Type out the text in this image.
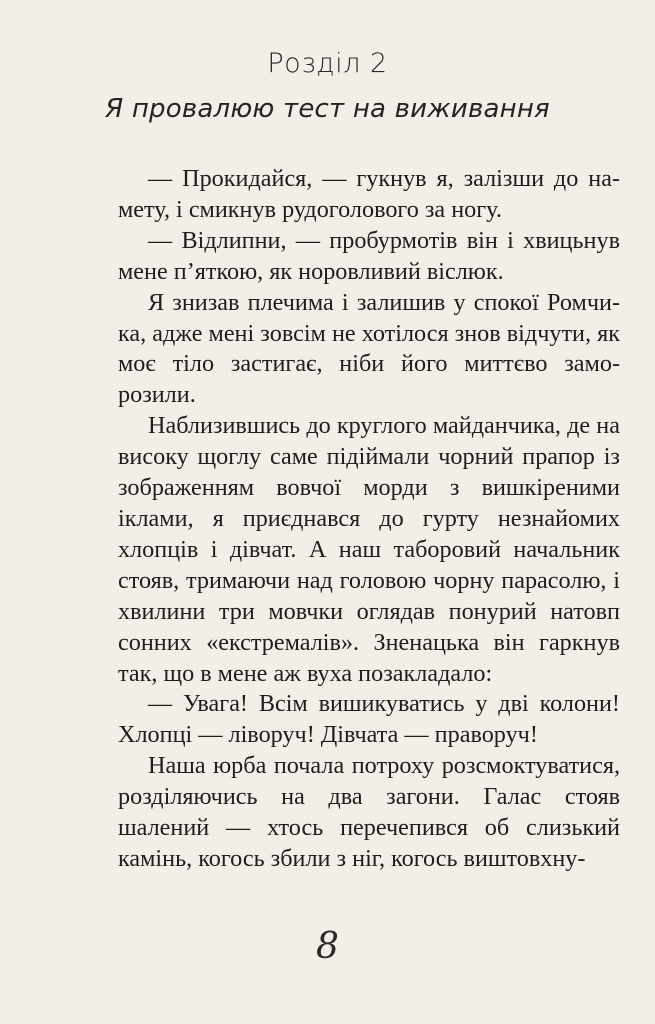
Розділ 2
Я провалюю тест на виживання

— Прокидайся, — гукнув я, залізши до намету, і смикнув рудоголового за ногу.

— Відлипни, — пробурмотів він і хвицьнув мене п’яткою, як норовливий віслюк.

Я знизав плечима і залишив у спокої Ромчика, адже мені зовсім не хотілося знов відчути, як моє тіло застигає, ніби його миттєво заморозили.

Наблизившись до круглого майданчика, де на високу щоглу саме підіймали чорний прапор із зображенням вовчої морди з вишкіреними іклами, я приєднався до гурту незнайомих хлопців і дівчат. А наш таборовий начальник стояв, тримаючи над головою чорну парасолю, і хвилини три мовчки оглядав понурий натовп сонних «екстремалів». Зненацька він гаркнув так, що в мене аж вуха позакладало:

— Увага! Всім вишикуватись у дві колони! Хлопці — ліворуч! Дівчата — праворуч!

Наша юрба почала потроху розсмоктуватися, розділяючись на два загони. Галас стояв шалений — хтось перечепився об слизький камінь, когось збили з ніг, когось виштовхну-

8
